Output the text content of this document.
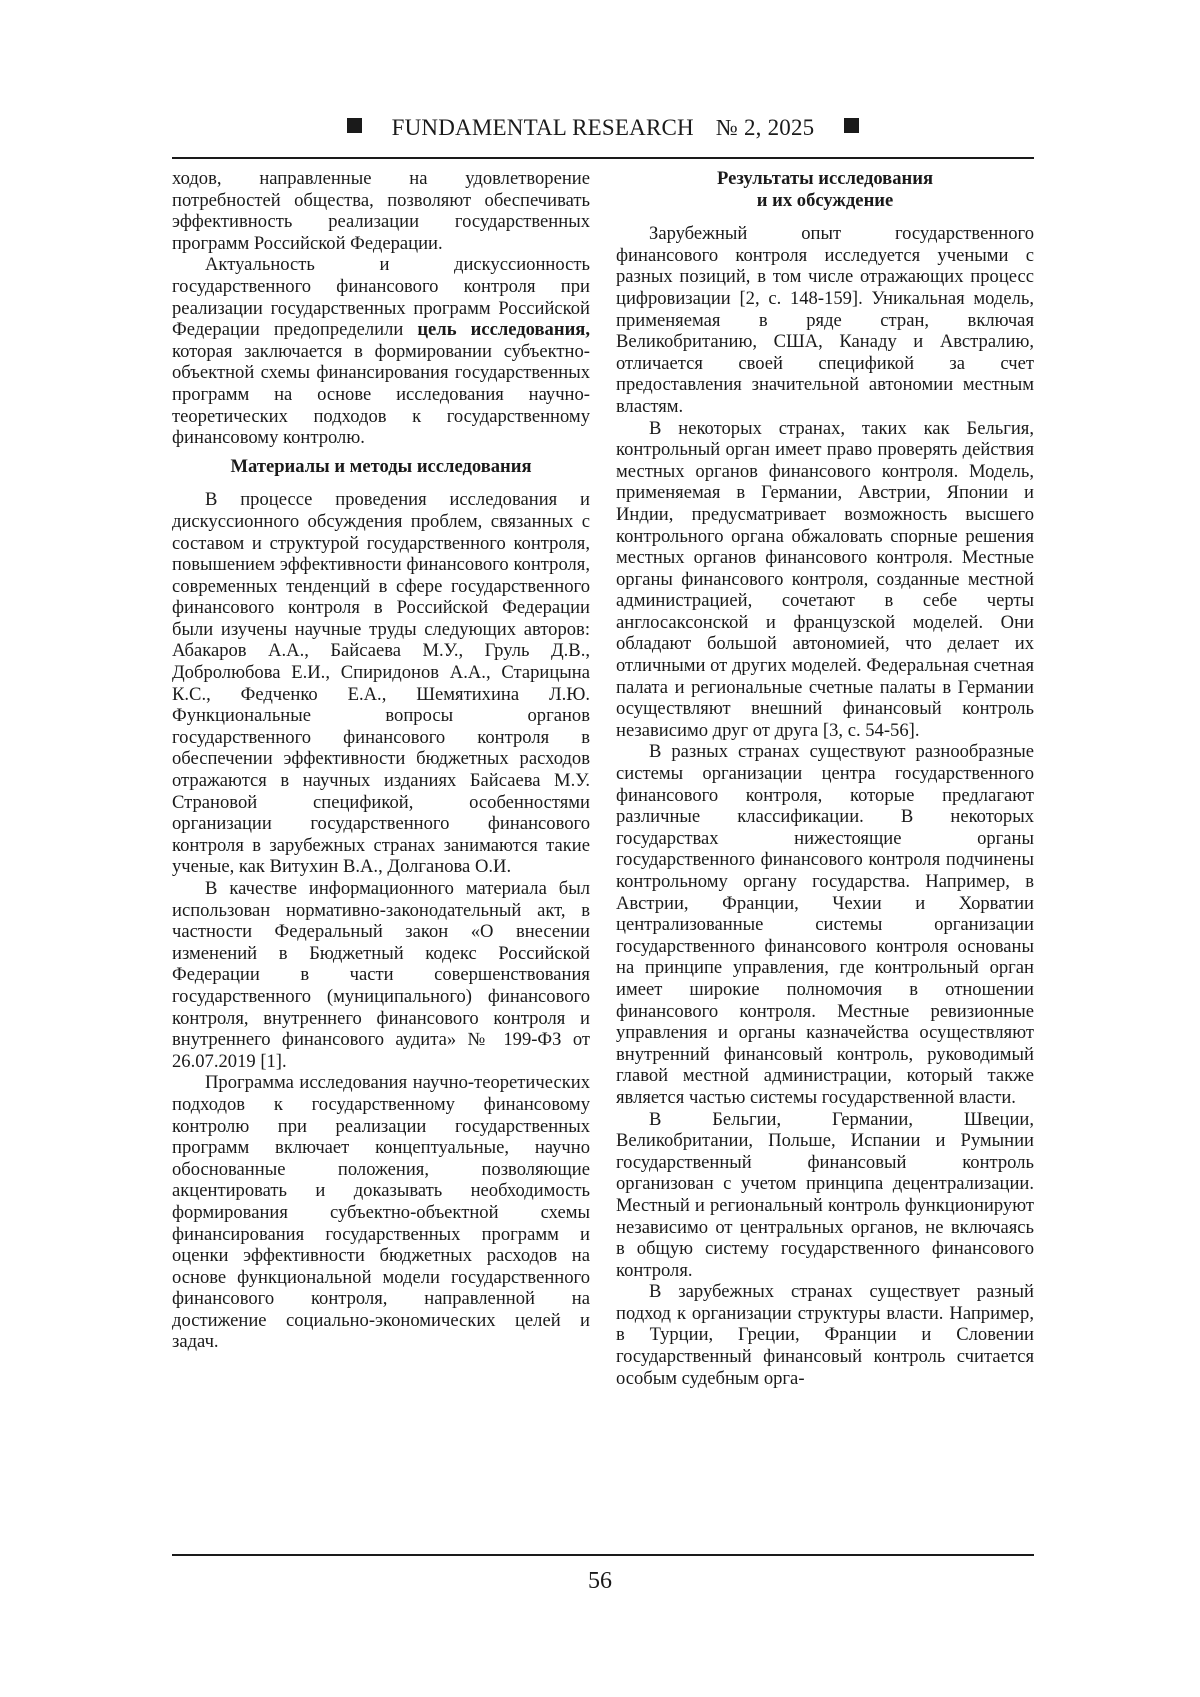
FUNDAMENTAL RESEARCH № 2, 2025

ходов, направленные на удовлетворение потребностей общества, позволяют обеспечивать эффективность реализации государственных программ Российской Федерации.

Актуальность и дискуссионность государственного финансового контроля при реализации государственных программ Российской Федерации предопределили цель исследования, которая заключается в формировании субъектно-объектной схемы финансирования государственных программ на основе исследования научно-теоретических подходов к государственному финансовому контролю.

Материалы и методы исследования

В процессе проведения исследования и дискуссионного обсуждения проблем, связанных с составом и структурой государственного контроля, повышением эффективности финансового контроля, современных тенденций в сфере государственного финансового контроля в Российской Федерации были изучены научные труды следующих авторов: Абакаров А.А., Байсаева М.У., Груль Д.В., Добролюбова Е.И., Спиридонов А.А., Старицына К.С., Федченко Е.А., Шемятихина Л.Ю. Функциональные вопросы органов государственного финансового контроля в обеспечении эффективности бюджетных расходов отражаются в научных изданиях Байсаева М.У. Страновой спецификой, особенностями организации государственного финансового контроля в зарубежных странах занимаются такие ученые, как Витухин В.А., Долганова О.И.

В качестве информационного материала был использован нормативно-законодательный акт, в частности Федеральный закон «О внесении изменений в Бюджетный кодекс Российской Федерации в части совершенствования государственного (муниципального) финансового контроля, внутреннего финансового контроля и внутреннего финансового аудита» № 199-ФЗ от 26.07.2019 [1].

Программа исследования научно-теоретических подходов к государственному финансовому контролю при реализации государственных программ включает концептуальные, научно обоснованные положения, позволяющие акцентировать и доказывать необходимость формирования субъектно-объектной схемы финансирования государственных программ и оценки эффективности бюджетных расходов на основе функциональной модели государственного финансового контроля, направленной на достижение социально-экономических целей и задач.

Результаты исследования
и их обсуждение

Зарубежный опыт государственного финансового контроля исследуется учеными с разных позиций, в том числе отражающих процесс цифровизации [2, с. 148-159]. Уникальная модель, применяемая в ряде стран, включая Великобританию, США, Канаду и Австралию, отличается своей спецификой за счет предоставления значительной автономии местным властям.

В некоторых странах, таких как Бельгия, контрольный орган имеет право проверять действия местных органов финансового контроля. Модель, применяемая в Германии, Австрии, Японии и Индии, предусматривает возможность высшего контрольного органа обжаловать спорные решения местных органов финансового контроля. Местные органы финансового контроля, созданные местной администрацией, сочетают в себе черты англосаксонской и французской моделей. Они обладают большой автономией, что делает их отличными от других моделей. Федеральная счетная палата и региональные счетные палаты в Германии осуществляют внешний финансовый контроль независимо друг от друга [3, с. 54-56].

В разных странах существуют разнообразные системы организации центра государственного финансового контроля, которые предлагают различные классификации. В некоторых государствах нижестоящие органы государственного финансового контроля подчинены контрольному органу государства. Например, в Австрии, Франции, Чехии и Хорватии централизованные системы организации государственного финансового контроля основаны на принципе управления, где контрольный орган имеет широкие полномочия в отношении финансового контроля. Местные ревизионные управления и органы казначейства осуществляют внутренний финансовый контроль, руководимый главой местной администрации, который также является частью системы государственной власти.

В Бельгии, Германии, Швеции, Великобритании, Польше, Испании и Румынии государственный финансовый контроль организован с учетом принципа децентрализации. Местный и региональный контроль функционируют независимо от центральных органов, не включаясь в общую систему государственного финансового контроля.

В зарубежных странах существует разный подход к организации структуры власти. Например, в Турции, Греции, Франции и Словении государственный финансовый контроль считается особым судебным орга-

56
